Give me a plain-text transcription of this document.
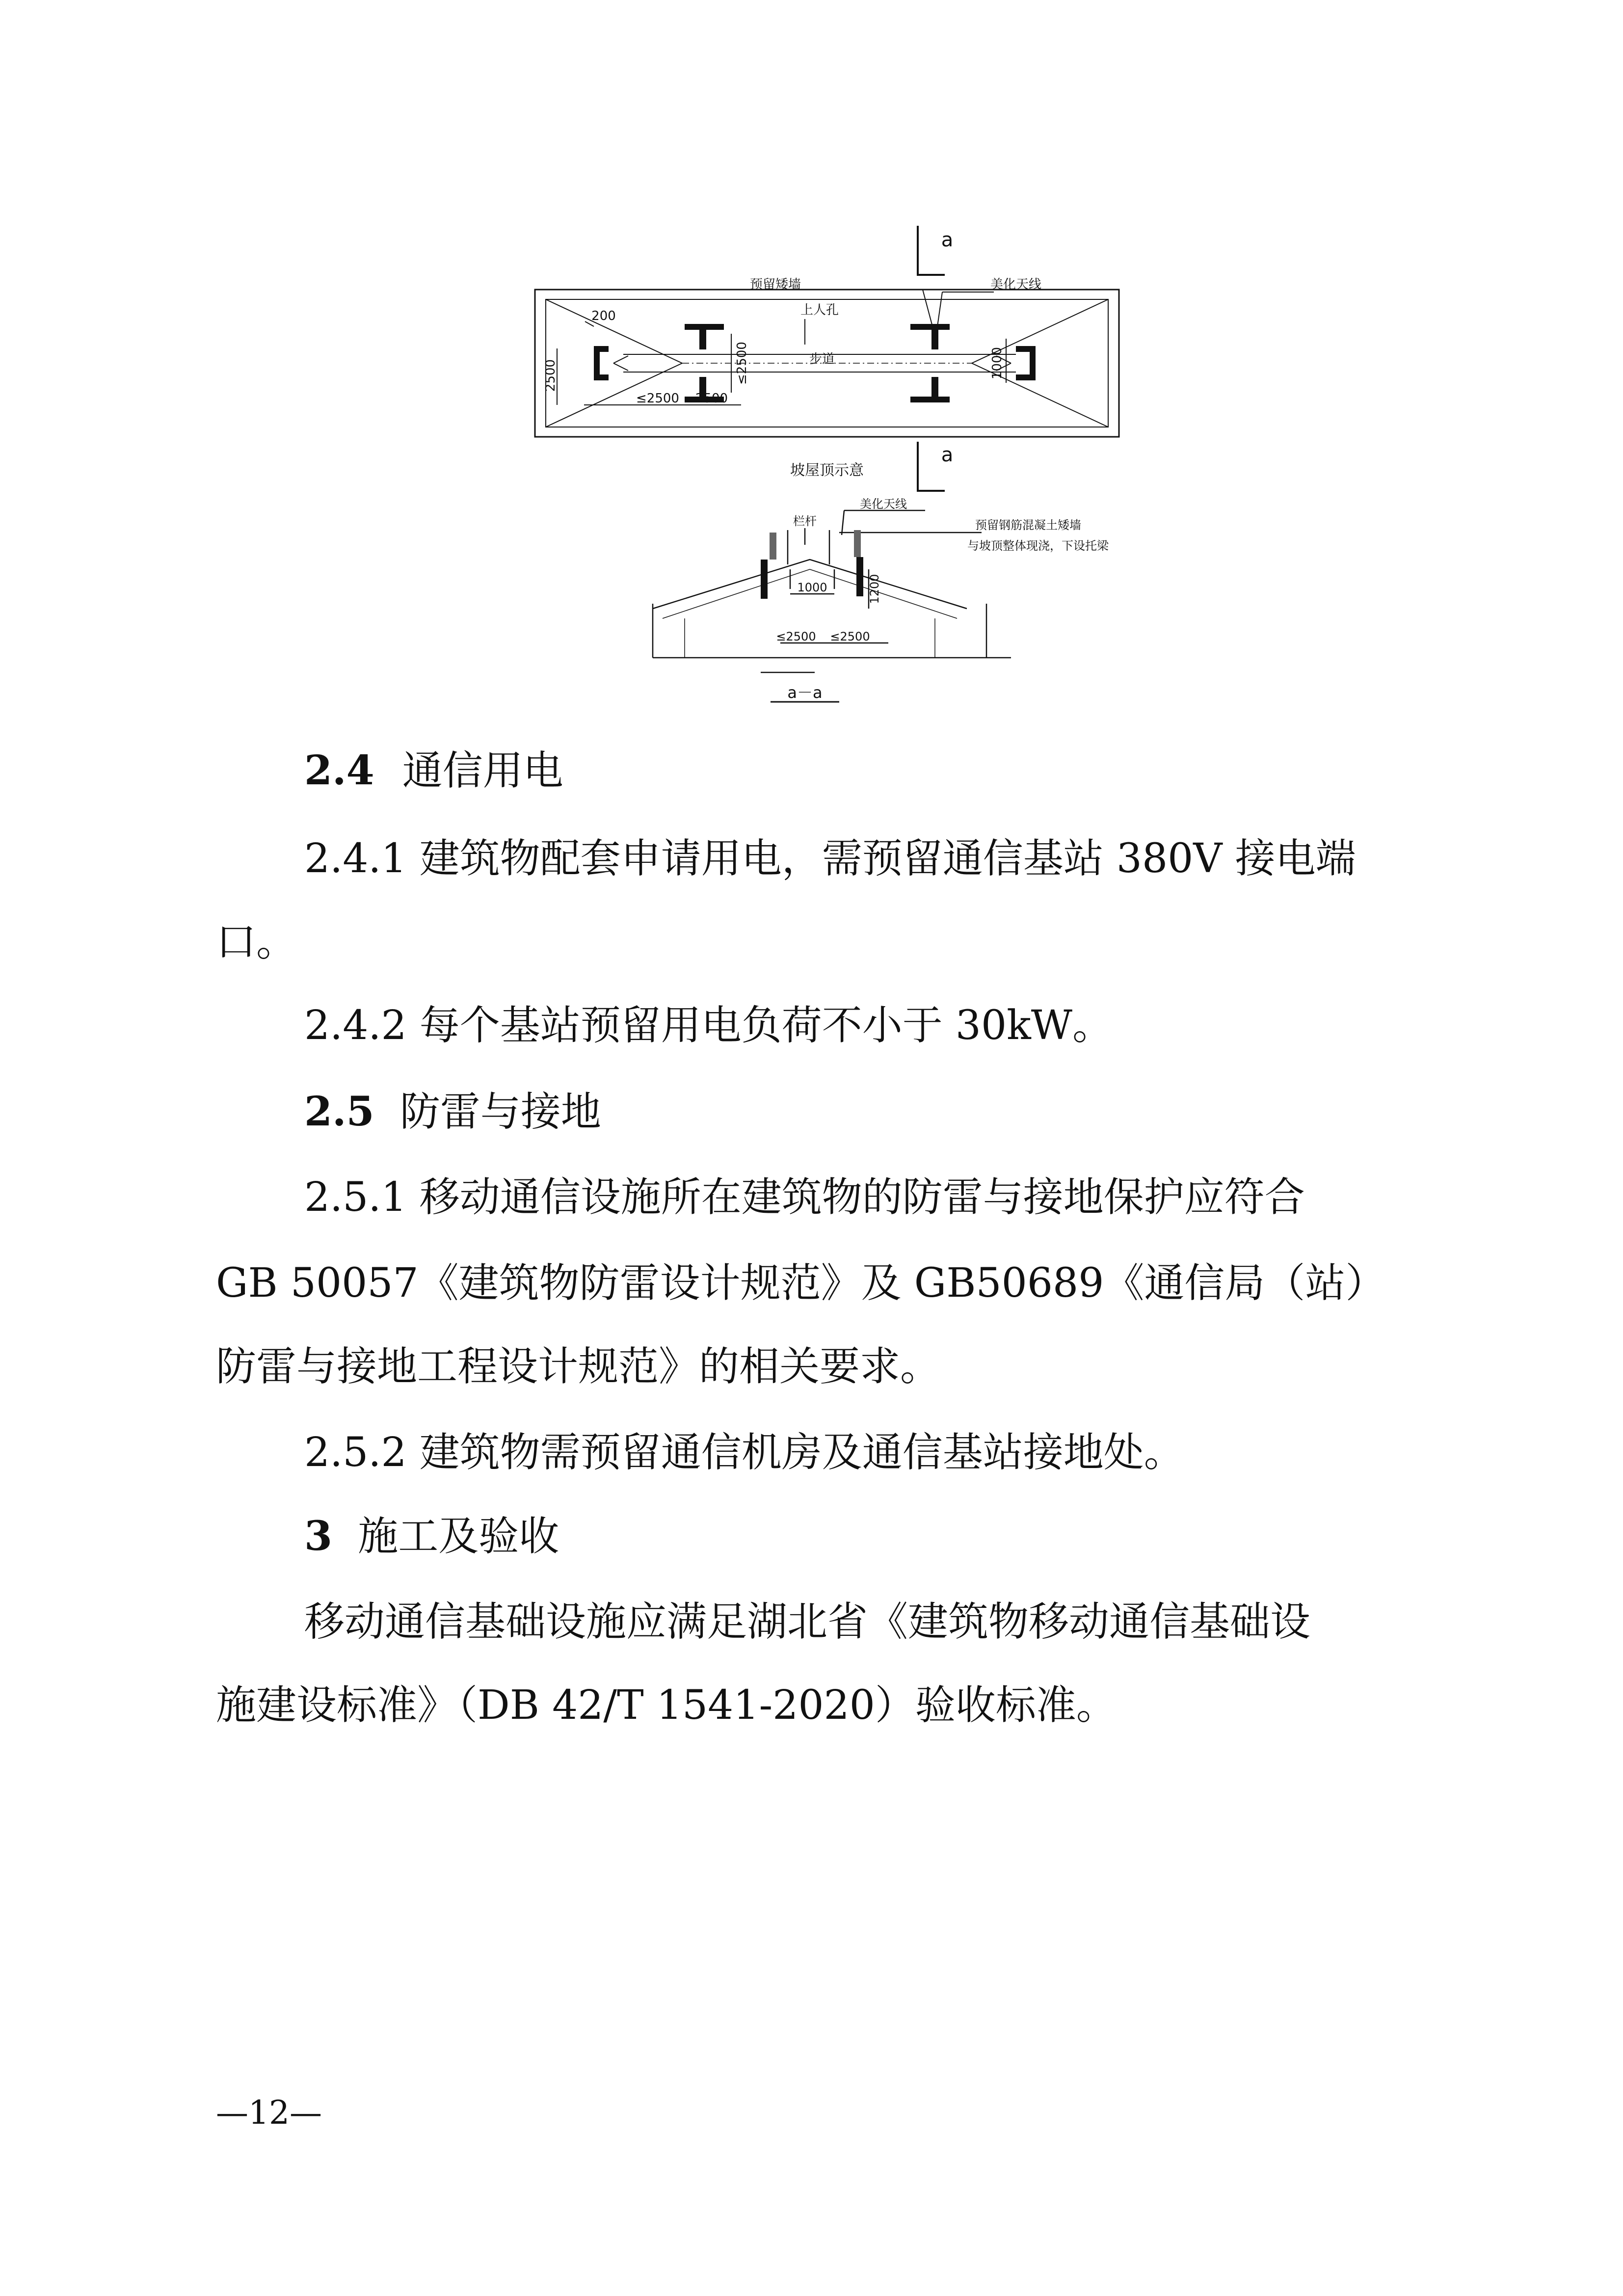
a
a
预留矮墙	美化天线
上人孔
步道
200
2500	≤2500	1000
≤2500 2500
坡屋顶示意
美化天线
栏杆	预留钢筋混凝土矮墙
与坡顶整体现浇，下设托梁
1000	1200
≤2500 ≤2500
a－a

2.4 通信用电

2.4.1 建筑物配套申请用电，需预留通信基站 380V 接电端

口。

2.4.2 每个基站预留用电负荷不小于 30kW。

2.5 防雷与接地

2.5.1 移动通信设施所在建筑物的防雷与接地保护应符合

GB 50057《建筑物防雷设计规范》及 GB50689《通信局（站）

防雷与接地工程设计规范》的相关要求。

2.5.2 建筑物需预留通信机房及通信基站接地处。

3 施工及验收

移动通信基础设施应满足湖北省《建筑物移动通信基础设

施建设标准》（DB 42/T 1541-2020）验收标准。

—12—
